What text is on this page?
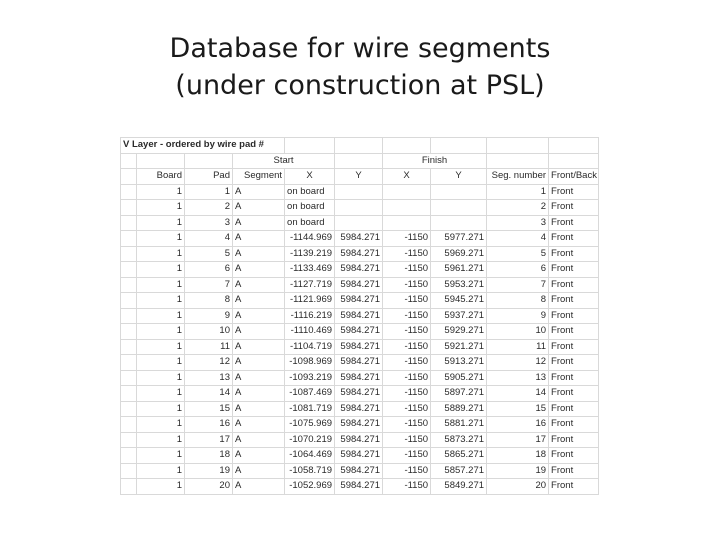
Database for wire segments
(under construction at PSL)
V Layer - ordered by wire pad #									
			Start			Finish			
	Board	Pad	Segment	X	Y	X	Y	Seg. number	Front/Back
	1	1	A	on board				1	Front
	1	2	A	on board				2	Front
	1	3	A	on board				3	Front
	1	4	A	-1144.969	5984.271	-1150	5977.271	4	Front
	1	5	A	-1139.219	5984.271	-1150	5969.271	5	Front
	1	6	A	-1133.469	5984.271	-1150	5961.271	6	Front
	1	7	A	-1127.719	5984.271	-1150	5953.271	7	Front
	1	8	A	-1121.969	5984.271	-1150	5945.271	8	Front
	1	9	A	-1116.219	5984.271	-1150	5937.271	9	Front
	1	10	A	-1110.469	5984.271	-1150	5929.271	10	Front
	1	11	A	-1104.719	5984.271	-1150	5921.271	11	Front
	1	12	A	-1098.969	5984.271	-1150	5913.271	12	Front
	1	13	A	-1093.219	5984.271	-1150	5905.271	13	Front
	1	14	A	-1087.469	5984.271	-1150	5897.271	14	Front
	1	15	A	-1081.719	5984.271	-1150	5889.271	15	Front
	1	16	A	-1075.969	5984.271	-1150	5881.271	16	Front
	1	17	A	-1070.219	5984.271	-1150	5873.271	17	Front
	1	18	A	-1064.469	5984.271	-1150	5865.271	18	Front
	1	19	A	-1058.719	5984.271	-1150	5857.271	19	Front
	1	20	A	-1052.969	5984.271	-1150	5849.271	20	Front
